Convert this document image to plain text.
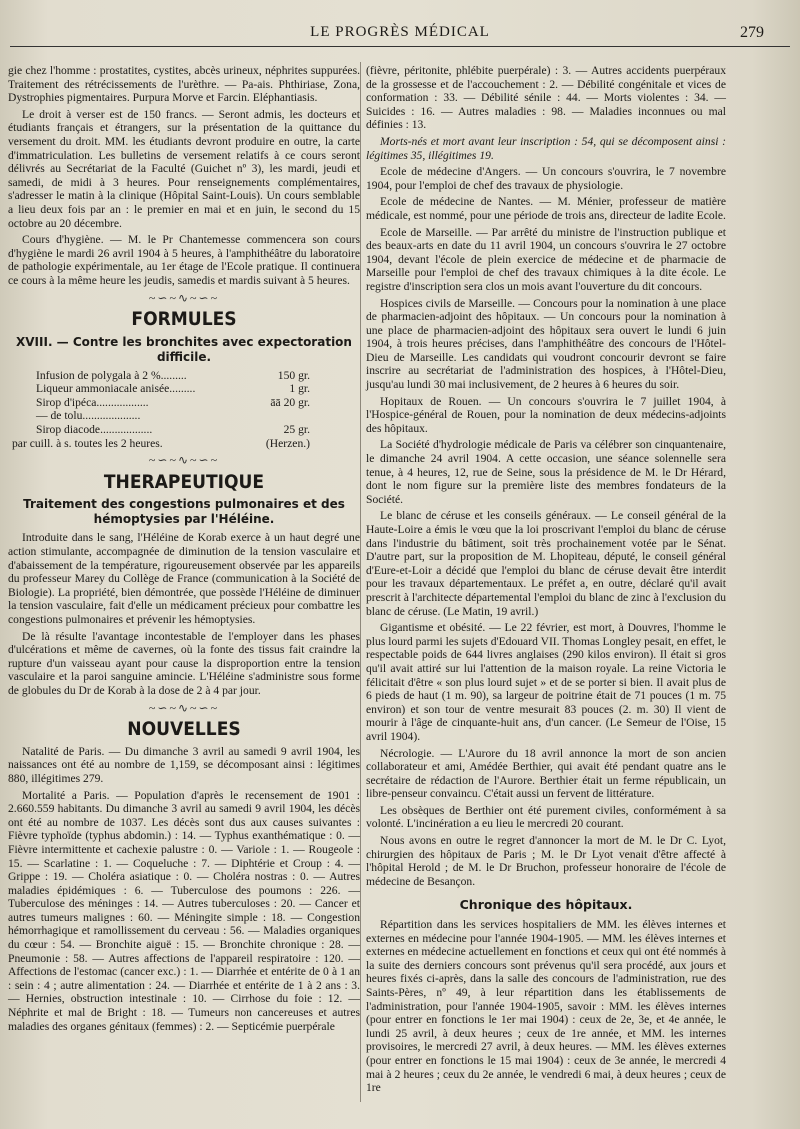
LE PROGRÈS MÉDICAL	279

gie chez l'homme : prostatites, cystites, abcès urineux, néphrites suppurées. Traitement des rétrécissements de l'urèthre. — Pa-ais. Phthiriase, Zona, Dystrophies pigmentaires. Purpura Morve et Farcin. Eléphantiasis.

Le droit à verser est de 150 francs. — Seront admis, les docteurs et étudiants français et étrangers, sur la présentation de la quittance du versement du droit. MM. les étudiants devront produire en outre, la carte d'immatriculation. Les bulletins de versement relatifs à ce cours seront délivrés au Secrétariat de la Faculté (Guichet nº 3), les mardi, jeudi et samedi, de midi à 3 heures. Pour renseignements complémentaires, s'adresser le matin à la clinique (Hôpital Saint-Louis). Un cours semblable a lieu deux fois par an : le premier en mai et en juin, le second du 15 octobre au 20 décembre.

Cours d'hygiène. — M. le Pr Chantemesse commencera son cours d'hygiène le mardi 26 avril 1904 à 5 heures, à l'amphithéâtre du laboratoire de pathologie expérimentale, au 1er étage de l'Ecole pratique. Il continuera ce cours à la même heure les jeudis, samedis et mardis suivant à 5 heures.

~∽~∿~∽~
FORMULES
XVIII. — Contre les bronchites avec expectoration difficile.
Infusion de polygala à 2 %.........	150 gr.
Liqueur ammoniacale anisée.........	1 gr.
Sirop d'ipéca..................	āā 20 gr.
— de tolu....................
Sirop diacode..................	25 gr.
par cuill. à s. toutes les 2 heures.	(Herzen.)
~∽~∿~∽~
THERAPEUTIQUE
Traitement des congestions pulmonaires et des hémoptysies par l'Héléine.

Introduite dans le sang, l'Héléine de Korab exerce à un haut degré une action stimulante, accompagnée de diminution de la tension vasculaire et d'abaissement de la température, rigoureusement observée par les appareils du professeur Marey du Collège de France (communication à la Société de Biologie). La propriété, bien démontrée, que possède l'Héléine de diminuer la tension vasculaire, fait d'elle un médicament précieux pour combattre les congestions pulmonaires et prévenir les hémoptysies.

De là résulte l'avantage incontestable de l'employer dans les phases d'ulcérations et même de cavernes, où la fonte des tissus fait craindre la rupture d'un vaisseau ayant pour cause la disproportion entre la tension vasculaire et la paroi sanguine amincie. L'Héléine s'administre sous forme de globules du Dr de Korab à la dose de 2 à 4 par jour.

~∽~∿~∽~
NOUVELLES

Natalité de Paris. — Du dimanche 3 avril au samedi 9 avril 1904, les naissances ont été au nombre de 1,159, se décomposant ainsi : légitimes 880, illégitimes 279.

Mortalité a Paris. — Population d'après le recensement de 1901 : 2.660.559 habitants. Du dimanche 3 avril au samedi 9 avril 1904, les décès ont été au nombre de 1037. Les décès sont dus aux causes suivantes : Fièvre typhoïde (typhus abdomin.) : 14. — Typhus exanthématique : 0. — Fièvre intermittente et cachexie palustre : 0. — Variole : 1. — Rougeole : 15. — Scarlatine : 1. — Coqueluche : 7. — Diphtérie et Croup : 4. — Grippe : 19. — Choléra asiatique : 0. — Choléra nostras : 0. — Autres maladies épidémiques : 6. — Tuberculose des poumons : 226. — Tuberculose des méninges : 14. — Autres tuberculoses : 20. — Cancer et autres tumeurs malignes : 60. — Méningite simple : 18. — Congestion hémorrhagique et ramollissement du cerveau : 56. — Maladies organiques du cœur : 54. — Bronchite aiguë : 15. — Bronchite chronique : 28. — Pneumonie : 58. — Autres affections de l'appareil respiratoire : 120. — Affections de l'estomac (cancer exc.) : 1. — Diarrhée et entérite de 0 à 1 an : sein : 4 ; autre alimentation : 24. — Diarrhée et entérite de 1 à 2 ans : 3. — Hernies, obstruction intestinale : 10. — Cirrhose du foie : 12. — Néphrite et mal de Bright : 18. — Tumeurs non cancereuses et autres maladies des organes génitaux (femmes) : 2. — Septicémie puerpérale

(fièvre, péritonite, phlébite puerpérale) : 3. — Autres accidents puerpéraux de la grossesse et de l'accouchement : 2. — Débilité congénitale et vices de conformation : 33. — Débilité sénile : 44. — Morts violentes : 34. — Suicides : 16. — Autres maladies : 98. — Maladies inconnues ou mal définies : 13.

Morts-nés et mort avant leur inscription : 54, qui se décomposent ainsi : légitimes 35, illégitimes 19.

Ecole de médecine d'Angers. — Un concours s'ouvrira, le 7 novembre 1904, pour l'emploi de chef des travaux de physiologie.

Ecole de médecine de Nantes. — M. Ménier, professeur de matière médicale, est nommé, pour une période de trois ans, directeur de ladite Ecole.

Ecole de Marseille. — Par arrêté du ministre de l'instruction publique et des beaux-arts en date du 11 avril 1904, un concours s'ouvrira le 27 octobre 1904, devant l'école de plein exercice de médecine et de pharmacie de Marseille pour l'emploi de chef des travaux chimiques à la dite école. Le registre d'inscription sera clos un mois avant l'ouverture du dit concours.

Hospices civils de Marseille. — Concours pour la nomination à une place de pharmacien-adjoint des hôpitaux. — Un concours pour la nomination à une place de pharmacien-adjoint des hôpitaux sera ouvert le lundi 6 juin 1904, à trois heures précises, dans l'amphithéâtre des concours de l'Hôtel-Dieu de Marseille. Les candidats qui voudront concourir devront se faire inscrire au secrétariat de l'administration des hospices, à l'Hôtel-Dieu, jusqu'au lundi 30 mai inclusivement, de 2 heures à 6 heures du soir.

Hopitaux de Rouen. — Un concours s'ouvrira le 7 juillet 1904, à l'Hospice-général de Rouen, pour la nomination de deux médecins-adjoints des hôpitaux.

La Société d'hydrologie médicale de Paris va célébrer son cinquantenaire, le dimanche 24 avril 1904. A cette occasion, une séance solennelle sera tenue, à 4 heures, 12, rue de Seine, sous la présidence de M. le Dr Hérard, dont le nom figure sur la première liste des membres fondateurs de la Société.

Le blanc de céruse et les conseils généraux. — Le conseil général de la Haute-Loire a émis le vœu que la loi proscrivant l'emploi du blanc de céruse dans l'industrie du bâtiment, soit très prochainement votée par le Sénat. D'autre part, sur la proposition de M. Lhopiteau, député, le conseil général d'Eure-et-Loir a décidé que l'emploi du blanc de céruse devait être interdit pour les travaux départementaux. Le préfet a, en outre, déclaré qu'il avait prescrit à l'architecte départemental l'emploi du blanc de zinc à l'exclusion du blanc de céruse. (Le Matin, 19 avril.)

Gigantisme et obésité. — Le 22 février, est mort, à Douvres, l'homme le plus lourd parmi les sujets d'Edouard VII. Thomas Longley pesait, en effet, le respectable poids de 644 livres anglaises (290 kilos environ). Il était si gros qu'il avait attiré sur lui l'attention de la maison royale. La reine Victoria le félicitait d'être « son plus lourd sujet » et de se porter si bien. Il avait plus de 6 pieds de haut (1 m. 90), sa largeur de poitrine était de 71 pouces (1 m. 75 environ) et son tour de ventre mesurait 83 pouces (2. m. 30) Il vient de mourir à l'âge de cinquante-huit ans, d'un cancer. (Le Semeur de l'Oise, 15 avril 1904).

Nécrologie. — L'Aurore du 18 avril annonce la mort de son ancien collaborateur et ami, Amédée Berthier, qui avait été pendant quatre ans le secrétaire de rédaction de l'Aurore. Berthier était un ferme républicain, un libre-penseur convaincu. C'était aussi un fervent de littérature.

Les obsèques de Berthier ont été purement civiles, conformément à sa volonté. L'incinération a eu lieu le mercredi 20 courant.

Nous avons en outre le regret d'annoncer la mort de M. le Dr C. Lyot, chirurgien des hôpitaux de Paris ; M. le Dr Lyot venait d'être affecté à l'hôpital Herold ; de M. le Dr Bruchon, professeur honoraire de l'école de médecine de Besançon.

Chronique des hôpitaux.

Répartition dans les services hospitaliers de MM. les élèves internes et externes en médecine pour l'année 1904-1905. — MM. les élèves internes et externes en médecine actuellement en fonctions et ceux qui ont été nommés à la suite des derniers concours sont prévenus qu'il sera procédé, aux jours et heures fixés ci-après, dans la salle des concours de l'administration, rue des Saints-Pères, nº 49, à leur répartition dans les établissements de l'administration, pour l'année 1904-1905, savoir : MM. les élèves internes (pour entrer en fonctions le 1er mai 1904) : ceux de 2e, 3e, et 4e année, le lundi 25 avril, à deux heures ; ceux de 1re année, et MM. les internes provisoires, le mercredi 27 avril, à deux heures. — MM. les élèves externes (pour entrer en fonctions le 15 mai 1904) : ceux de 3e année, le mercredi 4 mai à 2 heures ; ceux du 2e année, le vendredi 6 mai, à deux heures ; ceux de 1re
